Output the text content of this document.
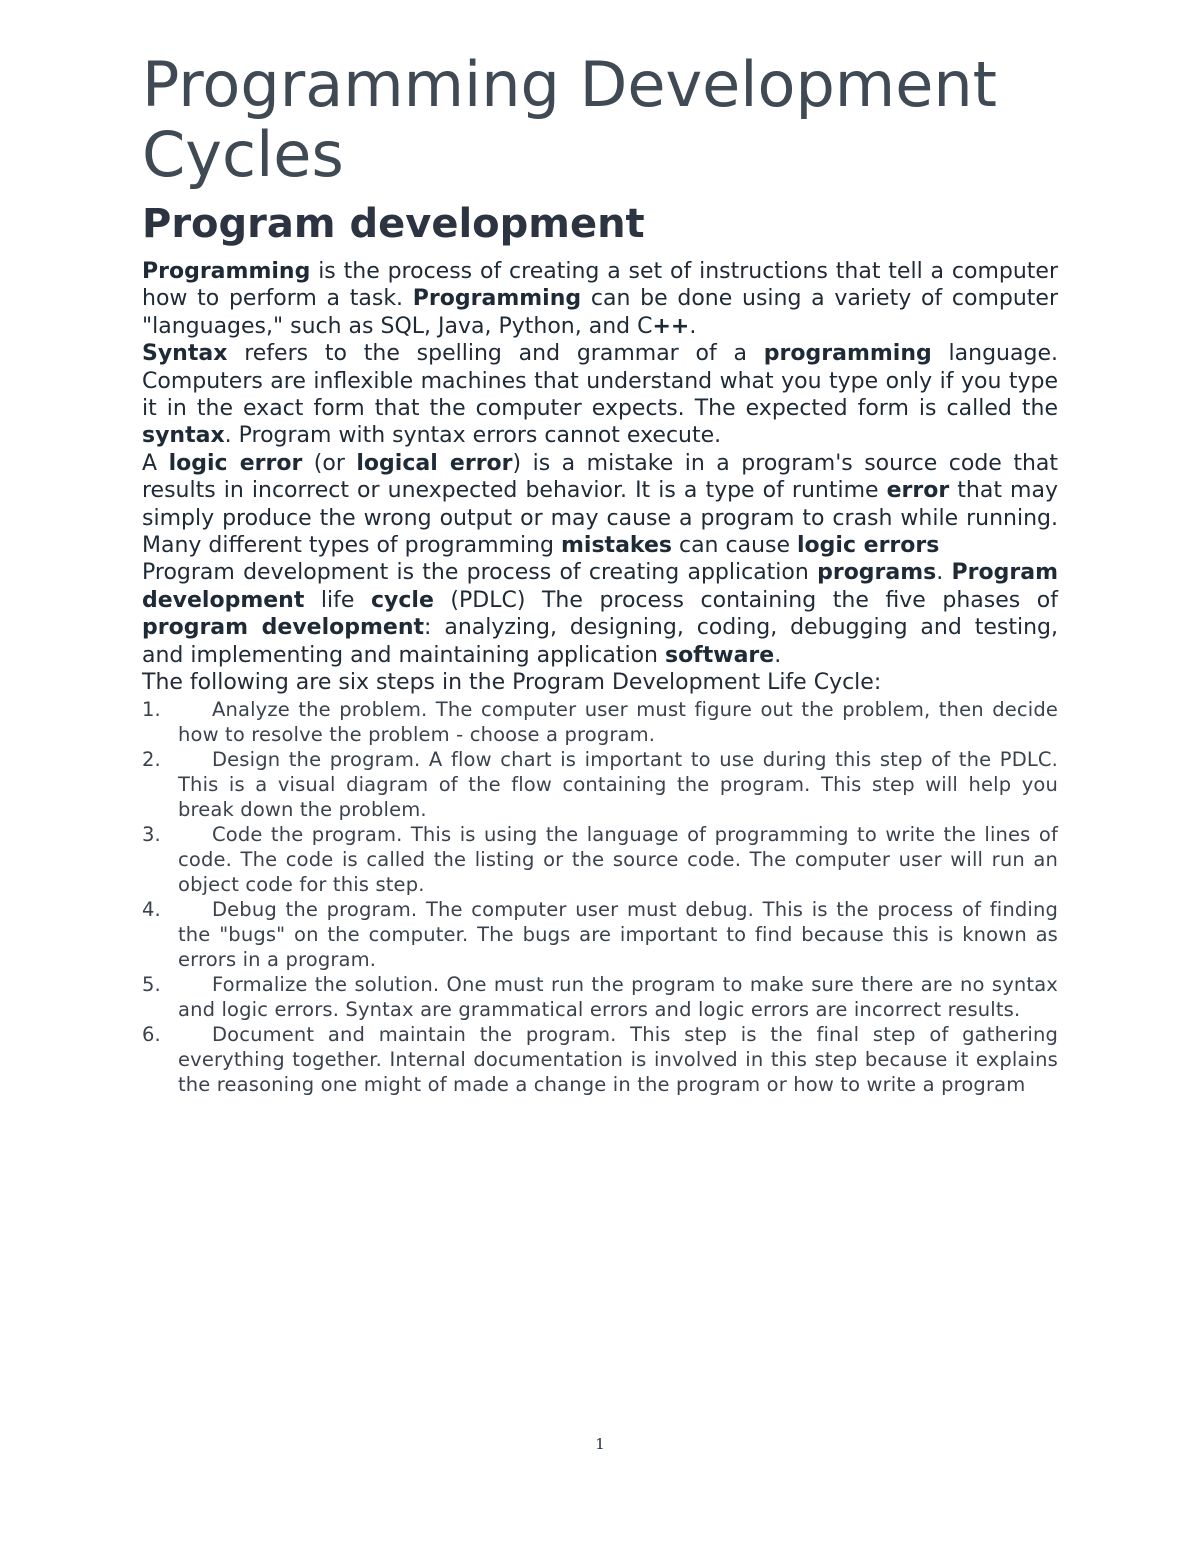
Programming Development
Cycles
Program development

Programming is the process of creating a set of instructions that tell a computer how to perform a task. Programming can be done using a variety of computer "languages," such as SQL, Java, Python, and C++.

Syntax refers to the spelling and grammar of a programming language. Computers are inflexible machines that understand what you type only if you type it in the exact form that the computer expects. The expected form is called the syntax. Program with syntax errors cannot execute.

A logic error (or logical error) is a mistake in a program's source code that results in incorrect or unexpected behavior. It is a type of runtime error that may simply produce the wrong output or may cause a program to crash while running. Many different types of programming mistakes can cause logic errors

Program development is the process of creating application programs. Program development life cycle (PDLC) The process containing the five phases of program development: analyzing, designing, coding, debugging and testing, and implementing and maintaining application software.

The following are six steps in the Program Development Life Cycle:

1.	Analyze the problem. The computer user must figure out the problem, then decide how to resolve the problem - choose a program.
2.	Design the program. A flow chart is important to use during this step of the PDLC. This is a visual diagram of the flow containing the program. This step will help you break down the problem.
3.	Code the program. This is using the language of programming to write the lines of code. The code is called the listing or the source code. The computer user will run an object code for this step.
4.	Debug the program. The computer user must debug. This is the process of finding the "bugs" on the computer. The bugs are important to find because this is known as errors in a program.
5.	Formalize the solution. One must run the program to make sure there are no syntax and logic errors. Syntax are grammatical errors and logic errors are incorrect results.
6.	Document and maintain the program. This step is the final step of gathering everything together. Internal documentation is involved in this step because it explains the reasoning one might of made a change in the program or how to write a program
1
